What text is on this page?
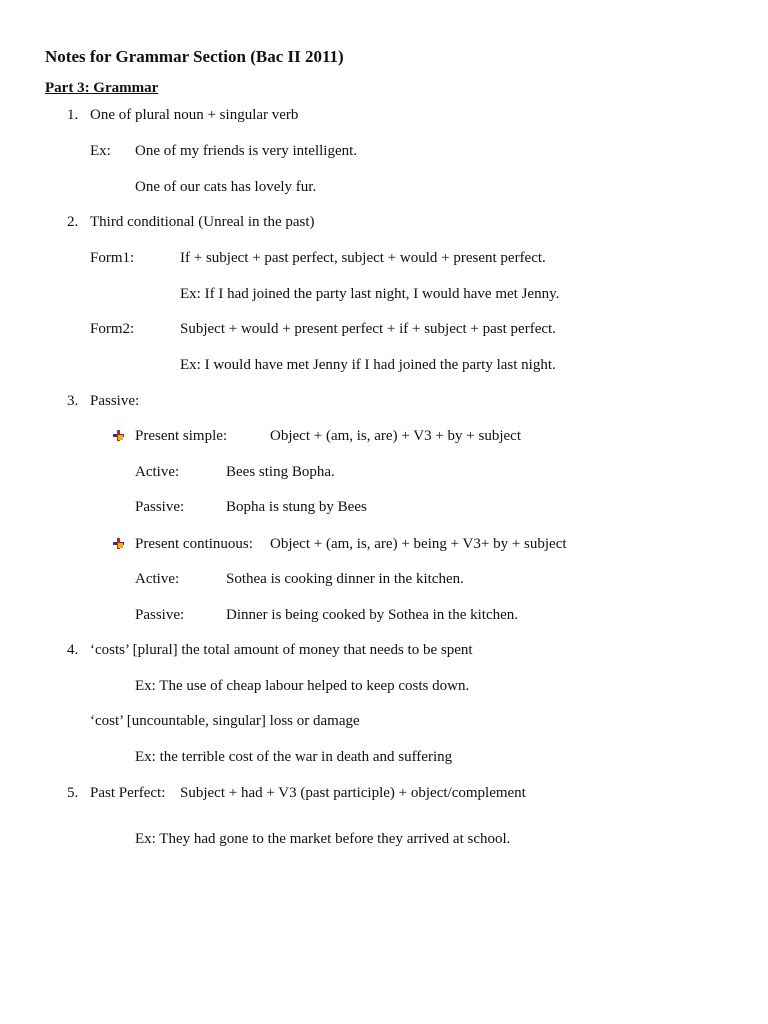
Notes for Grammar Section (Bac II 2011)
Part 3: Grammar
1. One of plural noun + singular verb
Ex: One of my friends is very intelligent.
One of our cats has lovely fur.
2. Third conditional (Unreal in the past)
Form1:	If + subject + past perfect, subject + would + present perfect.
Ex: If I had joined the party last night, I would have met Jenny.
Form2:	Subject + would + present perfect + if + subject + past perfect.
Ex: I would have met Jenny if I had joined the party last night.
3. Passive:
Present simple:	Object + (am, is, are) + V3 + by + subject
Active:	Bees sting Bopha.
Passive:	Bopha is stung by Bees
Present continuous: Object + (am, is, are) + being + V3+ by + subject
Active:	Sothea is cooking dinner in the kitchen.
Passive:	Dinner is being cooked by Sothea in the kitchen.
4. ‘costs’ [plural] the total amount of money that needs to be spent
Ex: The use of cheap labour helped to keep costs down.
‘cost’ [uncountable, singular] loss or damage
Ex: the terrible cost of the war in death and suffering
5. Past Perfect: Subject + had + V3 (past participle) + object/complement
Ex: They had gone to the market before they arrived at school.
